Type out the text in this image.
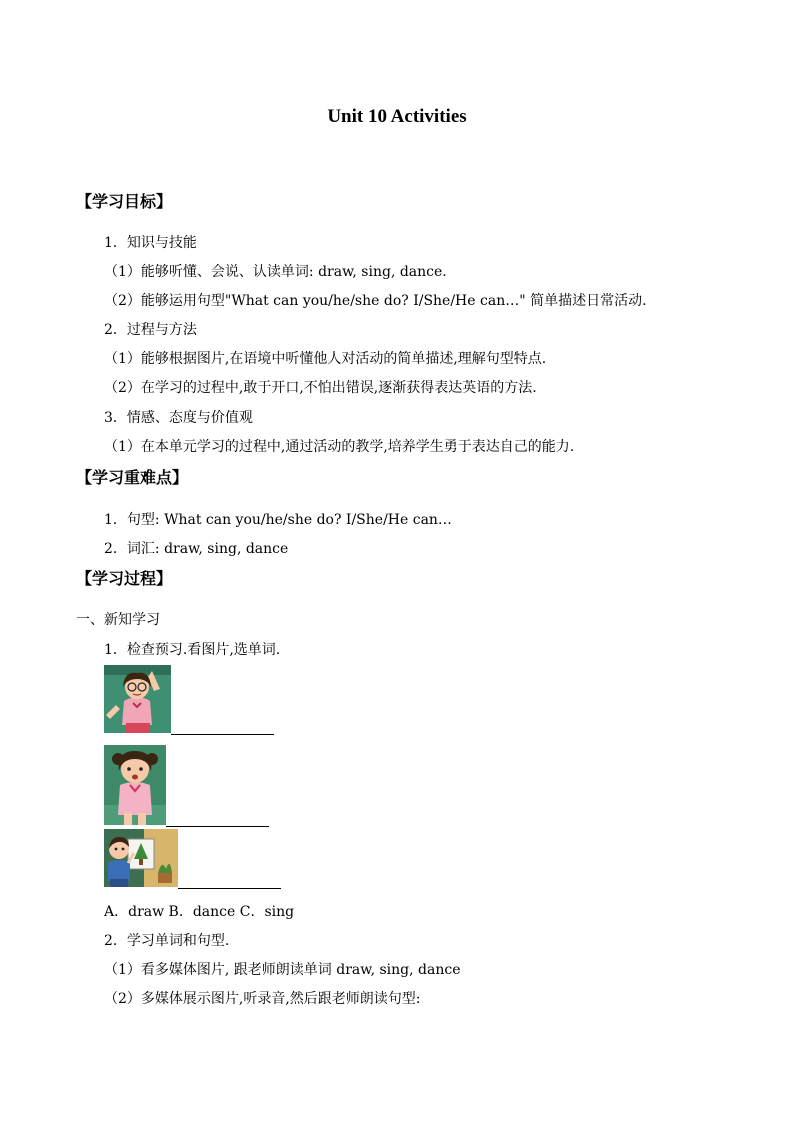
Unit 10 Activities
【学习目标】
1．知识与技能
（1）能够听懂、会说、认读单词: draw, sing, dance.
（2）能够运用句型"What can you/he/she do? I/She/He can…" 简单描述日常活动.
2．过程与方法
（1）能够根据图片,在语境中听懂他人对活动的简单描述,理解句型特点.
（2）在学习的过程中,敢于开口,不怕出错误,逐渐获得表达英语的方法.
3．情感、态度与价值观
（1）在本单元学习的过程中,通过活动的教学,培养学生勇于表达自己的能力.
【学习重难点】
1．句型: What can you/he/she do? I/She/He can…
2．词汇: draw, sing, dance
【学习过程】
一、新知学习
1．检查预习.看图片,选单词.
A．draw B．dance C．sing
2．学习单词和句型.
（1）看多媒体图片, 跟老师朗读单词 draw, sing, dance
（2）多媒体展示图片,听录音,然后跟老师朗读句型:
